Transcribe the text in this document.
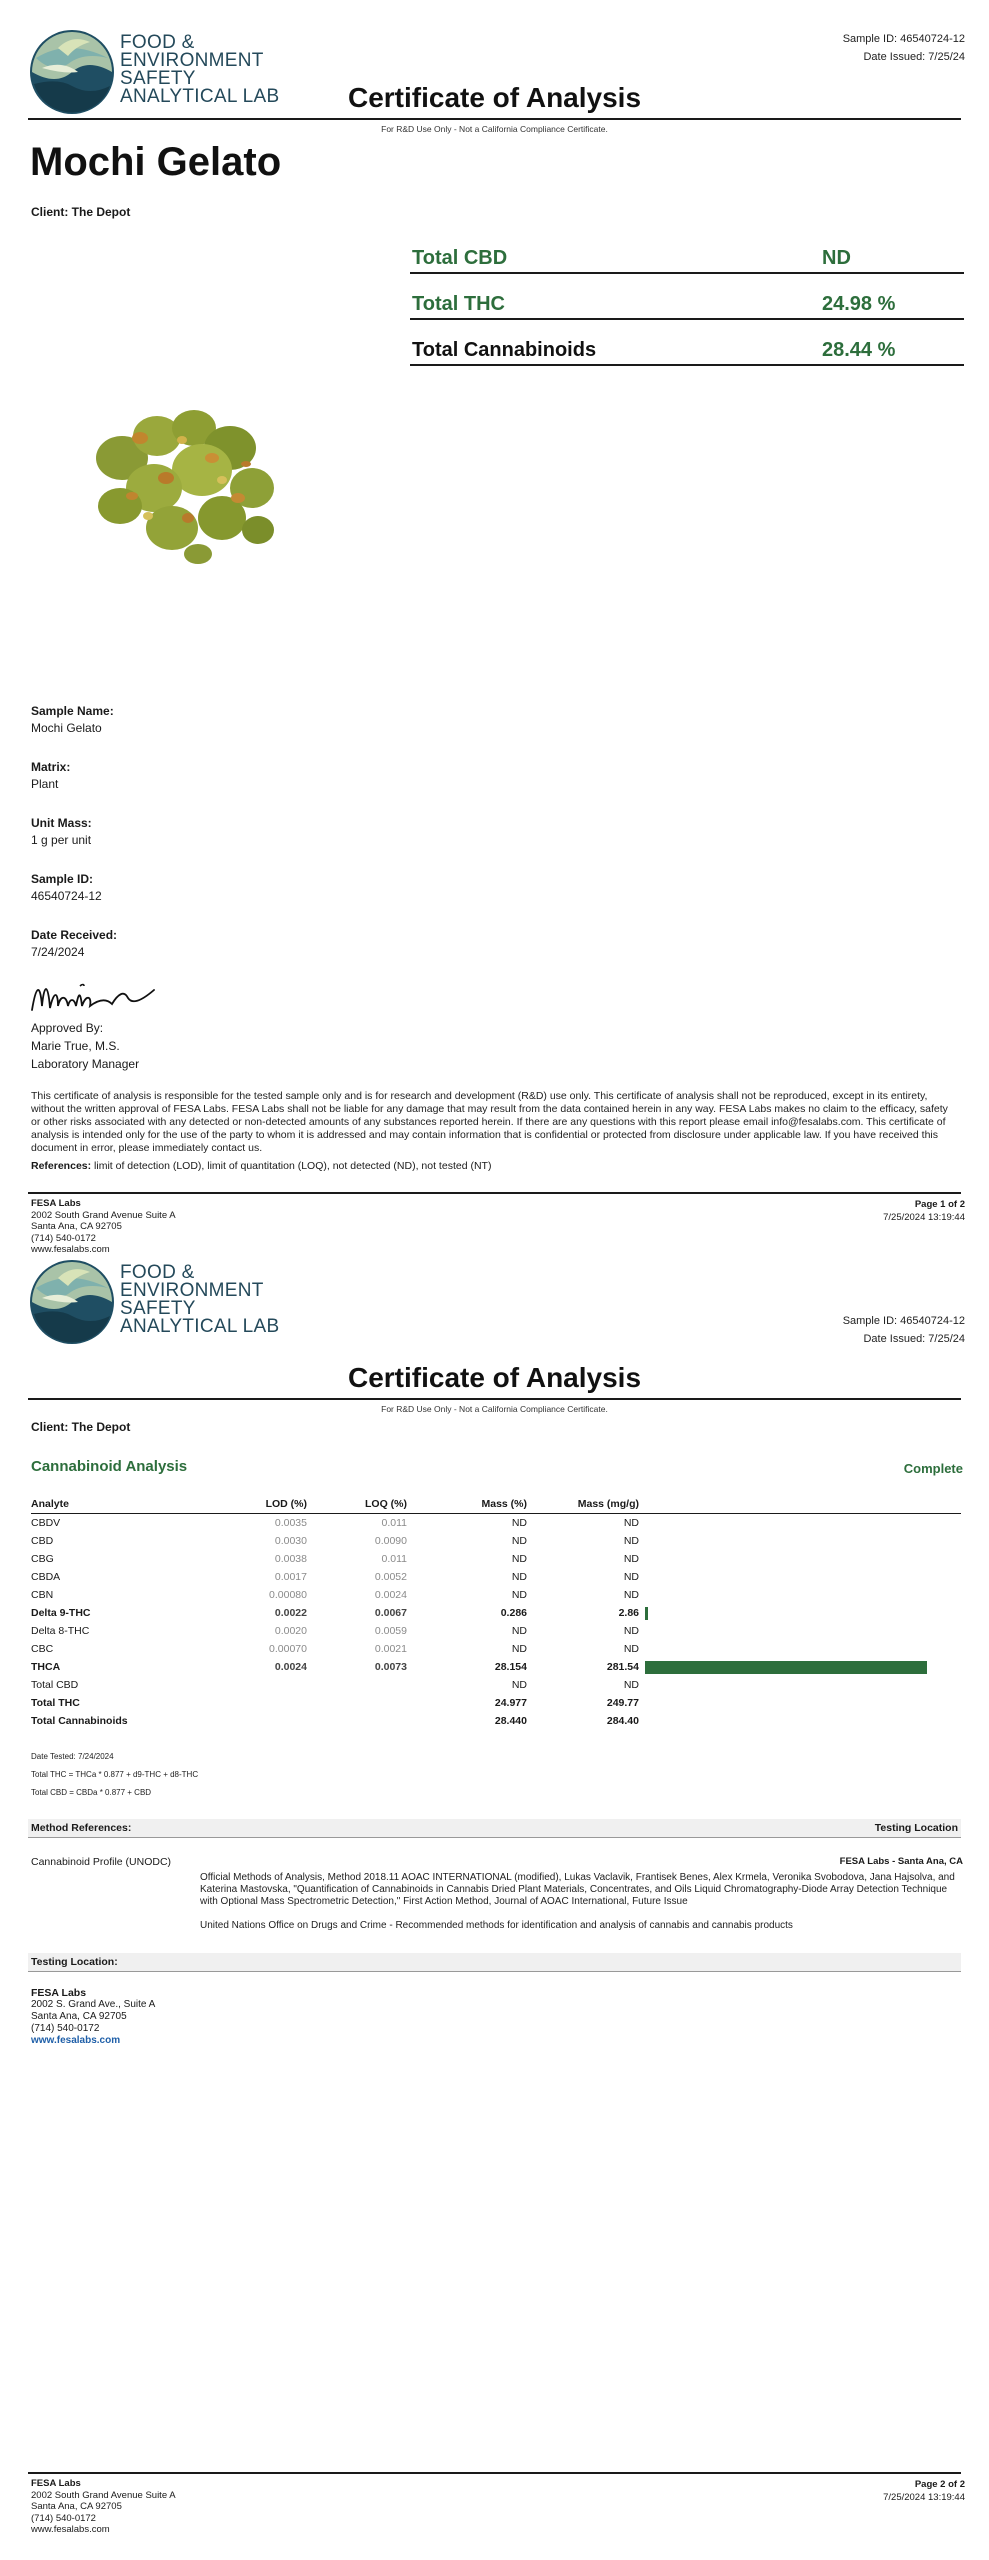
FOOD &
ENVIRONMENT
SAFETY
ANALYTICAL LAB
Sample ID: 46540724-12
Date Issued: 7/25/24
Certificate of Analysis
For R&D Use Only - Not a California Compliance Certificate.
Mochi Gelato
Client: The Depot
Total CBD	ND
Total THC	24.98 %
Total Cannabinoids	28.44 %
Sample Name:
Mochi Gelato
Matrix:
Plant
Unit Mass:
1 g per unit
Sample ID:
46540724-12
Date Received:
7/24/2024
Approved By:
Marie True, M.S.
Laboratory Manager
This certificate of analysis is responsible for the tested sample only and is for research and development (R&D) use only. This certificate of analysis shall not be reproduced, except in its entirety, without the written approval of FESA Labs. FESA Labs shall not be liable for any damage that may result from the data contained herein in any way. FESA Labs makes no claim to the efficacy, safety or other risks associated with any detected or non-detected amounts of any substances reported herein. If there are any questions with this report please email info@fesalabs.com. This certificate of analysis is intended only for the use of the party to whom it is addressed and may contain information that is confidential or protected from disclosure under applicable law. If you have received this document in error, please immediately contact us.
References: limit of detection (LOD), limit of quantitation (LOQ), not detected (ND), not tested (NT)
FESA Labs
2002 South Grand Avenue Suite A
Santa Ana, CA 92705
(714) 540-0172
www.fesalabs.com
Page 1 of 2
7/25/2024 13:19:44
FOOD &
ENVIRONMENT
SAFETY
ANALYTICAL LAB	Sample ID: 46540724-12
Date Issued: 7/25/24
Certificate of Analysis
For R&D Use Only - Not a California Compliance Certificate.
Client: The Depot
Cannabinoid Analysis	Complete
Analyte	LOD (%)	LOQ (%)	Mass (%)	Mass (mg/g)	
CBDV	0.0035	0.011	ND	ND	
CBD	0.0030	0.0090	ND	ND	
CBG	0.0038	0.011	ND	ND	
CBDA	0.0017	0.0052	ND	ND	
CBN	0.00080	0.0024	ND	ND	
Delta 9-THC	0.0022	0.0067	0.286	2.86	
Delta 8-THC	0.0020	0.0059	ND	ND	
CBC	0.00070	0.0021	ND	ND	
THCA	0.0024	0.0073	28.154	281.54	
Total CBD			ND	ND	
Total THC			24.977	249.77	
Total Cannabinoids			28.440	284.40	
Date Tested: 7/24/2024
Total THC = THCa * 0.877 + d9-THC + d8-THC
Total CBD = CBDa * 0.877 + CBD
Method References:	Testing Location
Cannabinoid Profile (UNODC)	FESA Labs - Santa Ana, CA
Official Methods of Analysis, Method 2018.11 AOAC INTERNATIONAL (modified), Lukas Vaclavik, Frantisek Benes, Alex Krmela, Veronika Svobodova, Jana Hajsolva, and Katerina Mastovska, "Quantification of Cannabinoids in Cannabis Dried Plant Materials, Concentrates, and Oils Liquid Chromatography-Diode Array Detection Technique with Optional Mass Spectrometric Detection," First Action Method, Journal of AOAC International, Future Issue
United Nations Office on Drugs and Crime - Recommended methods for identification and analysis of cannabis and cannabis products
Testing Location:
FESA Labs
2002 S. Grand Ave., Suite A
Santa Ana, CA 92705
(714) 540-0172
www.fesalabs.com
FESA Labs
2002 South Grand Avenue Suite A
Santa Ana, CA 92705
(714) 540-0172
www.fesalabs.com
Page 2 of 2
7/25/2024 13:19:44
